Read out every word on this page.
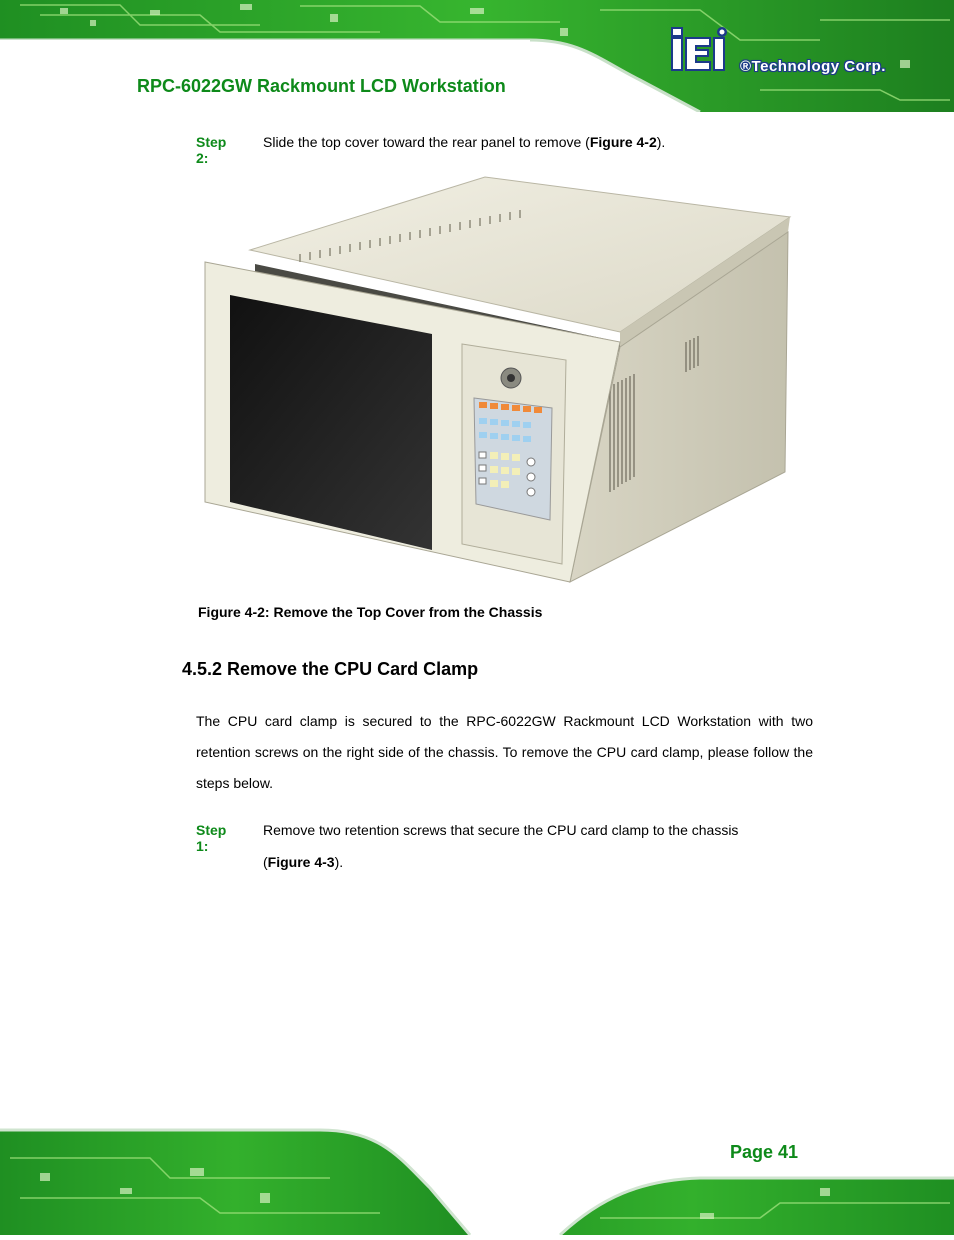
RPC-6022GW Rackmount LCD Workstation
®Technology Corp.
Step 2:
Slide the top cover toward the rear panel to remove (Figure 4-2).
Figure 4-2: Remove the Top Cover from the Chassis
4.5.2 Remove the CPU Card Clamp
The CPU card clamp is secured to the RPC-6022GW Rackmount LCD Workstation with two retention screws on the right side of the chassis. To remove the CPU card clamp, please follow the steps below.
Step 1:
Remove two retention screws that secure the CPU card clamp to the chassis
(Figure 4-3).
Page 41
